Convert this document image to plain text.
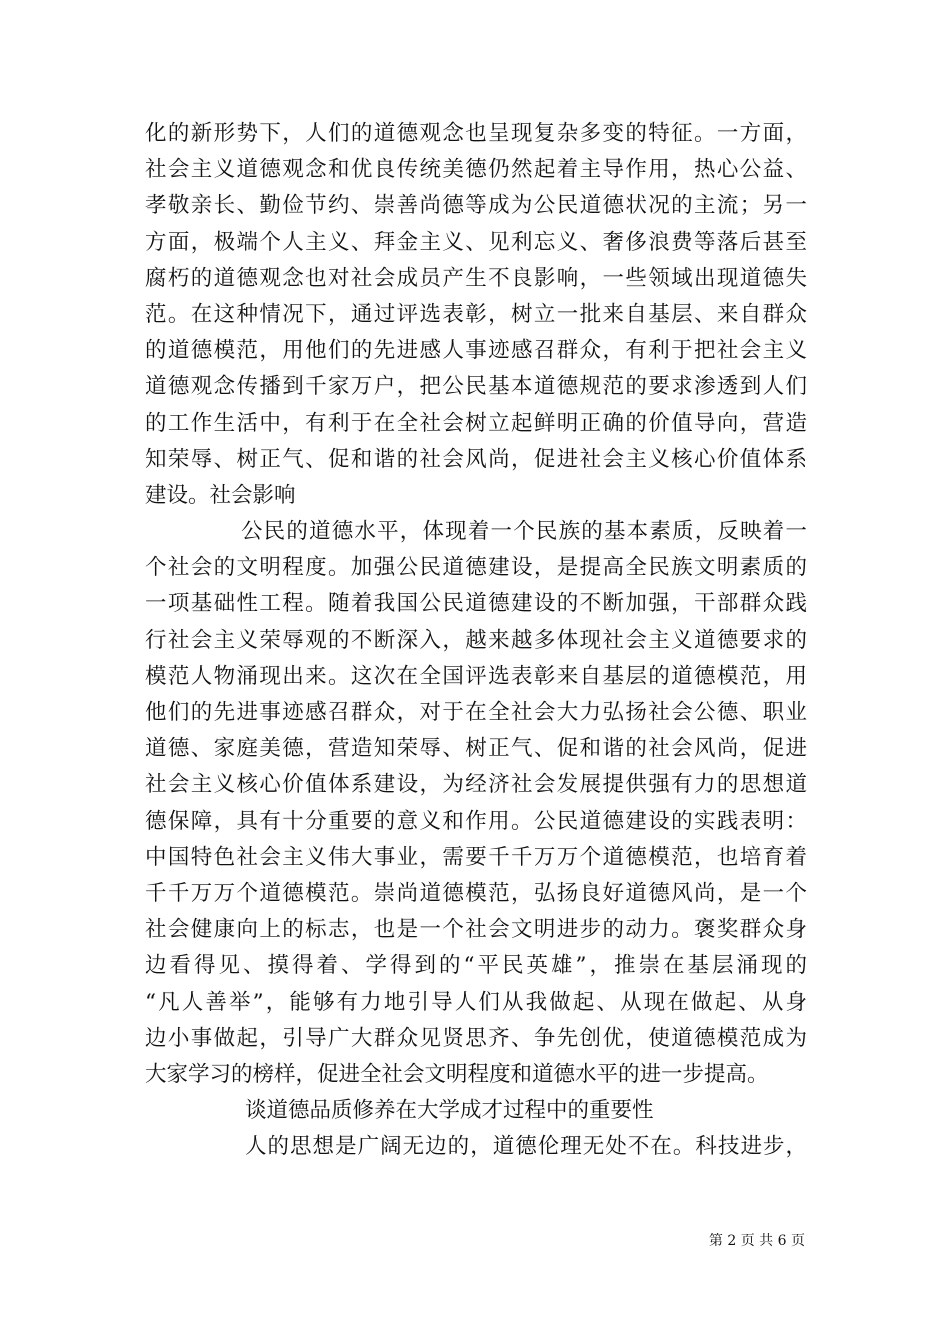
化的新形势下，人们的道德观念也呈现复杂多变的特征。一方面，
社会主义道德观念和优良传统美德仍然起着主导作用，热心公益、
孝敬亲长、勤俭节约、崇善尚德等成为公民道德状况的主流；另一
方面，极端个人主义、拜金主义、见利忘义、奢侈浪费等落后甚至
腐朽的道德观念也对社会成员产生不良影响，一些领域出现道德失
范。在这种情况下，通过评选表彰，树立一批来自基层、来自群众
的道德模范，用他们的先进感人事迹感召群众，有利于把社会主义
道德观念传播到千家万户，把公民基本道德规范的要求渗透到人们
的工作生活中，有利于在全社会树立起鲜明正确的价值导向，营造
知荣辱、树正气、促和谐的社会风尚，促进社会主义核心价值体系
建设。社会影响
公民的道德水平，体现着一个民族的基本素质，反映着一
个社会的文明程度。加强公民道德建设，是提高全民族文明素质的
一项基础性工程。随着我国公民道德建设的不断加强，干部群众践
行社会主义荣辱观的不断深入，越来越多体现社会主义道德要求的
模范人物涌现出来。这次在全国评选表彰来自基层的道德模范，用
他们的先进事迹感召群众，对于在全社会大力弘扬社会公德、职业
道德、家庭美德，营造知荣辱、树正气、促和谐的社会风尚，促进
社会主义核心价值体系建设，为经济社会发展提供强有力的思想道
德保障，具有十分重要的意义和作用。公民道德建设的实践表明：
中国特色社会主义伟大事业，需要千千万万个道德模范，也培育着
千千万万个道德模范。崇尚道德模范，弘扬良好道德风尚，是一个
社会健康向上的标志，也是一个社会文明进步的动力。褒奖群众身
边看得见、摸得着、学得到的“平民英雄”，推崇在基层涌现的
“凡人善举”，能够有力地引导人们从我做起、从现在做起、从身
边小事做起，引导广大群众见贤思齐、争先创优，使道德模范成为
大家学习的榜样，促进全社会文明程度和道德水平的进一步提高。
谈道德品质修养在大学成才过程中的重要性
人的思想是广阔无边的，道德伦理无处不在。科技进步，
第 2 页 共 6 页
